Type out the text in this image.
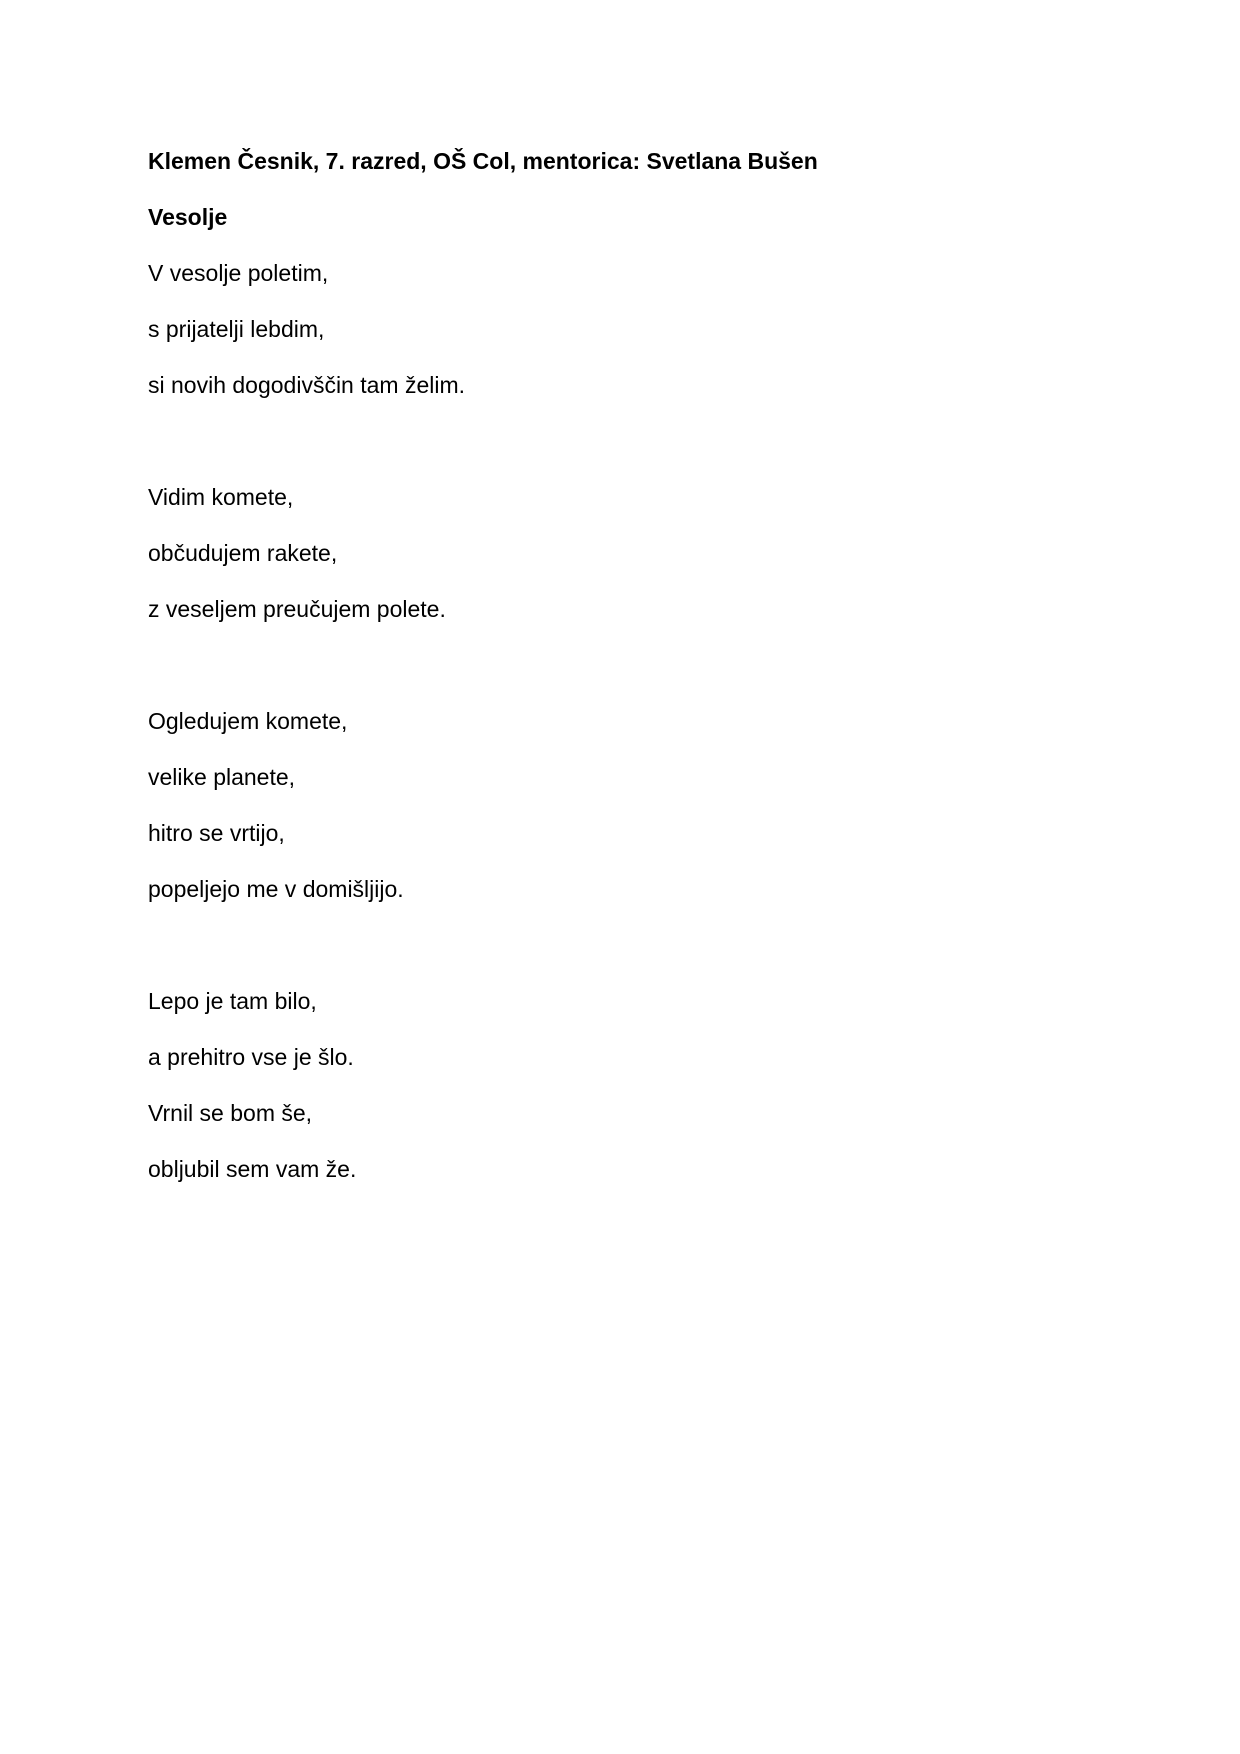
Klemen Česnik, 7. razred, OŠ Col, mentorica: Svetlana Bušen
Vesolje
V vesolje poletim,
s prijatelji lebdim,
si novih dogodivščin tam želim.
Vidim komete,
občudujem rakete,
z veseljem preučujem polete.
Ogledujem komete,
velike planete,
hitro se vrtijo,
popeljejo me v domišljijo.
Lepo je tam bilo,
a prehitro vse je šlo.
Vrnil se bom še,
obljubil sem vam že.
